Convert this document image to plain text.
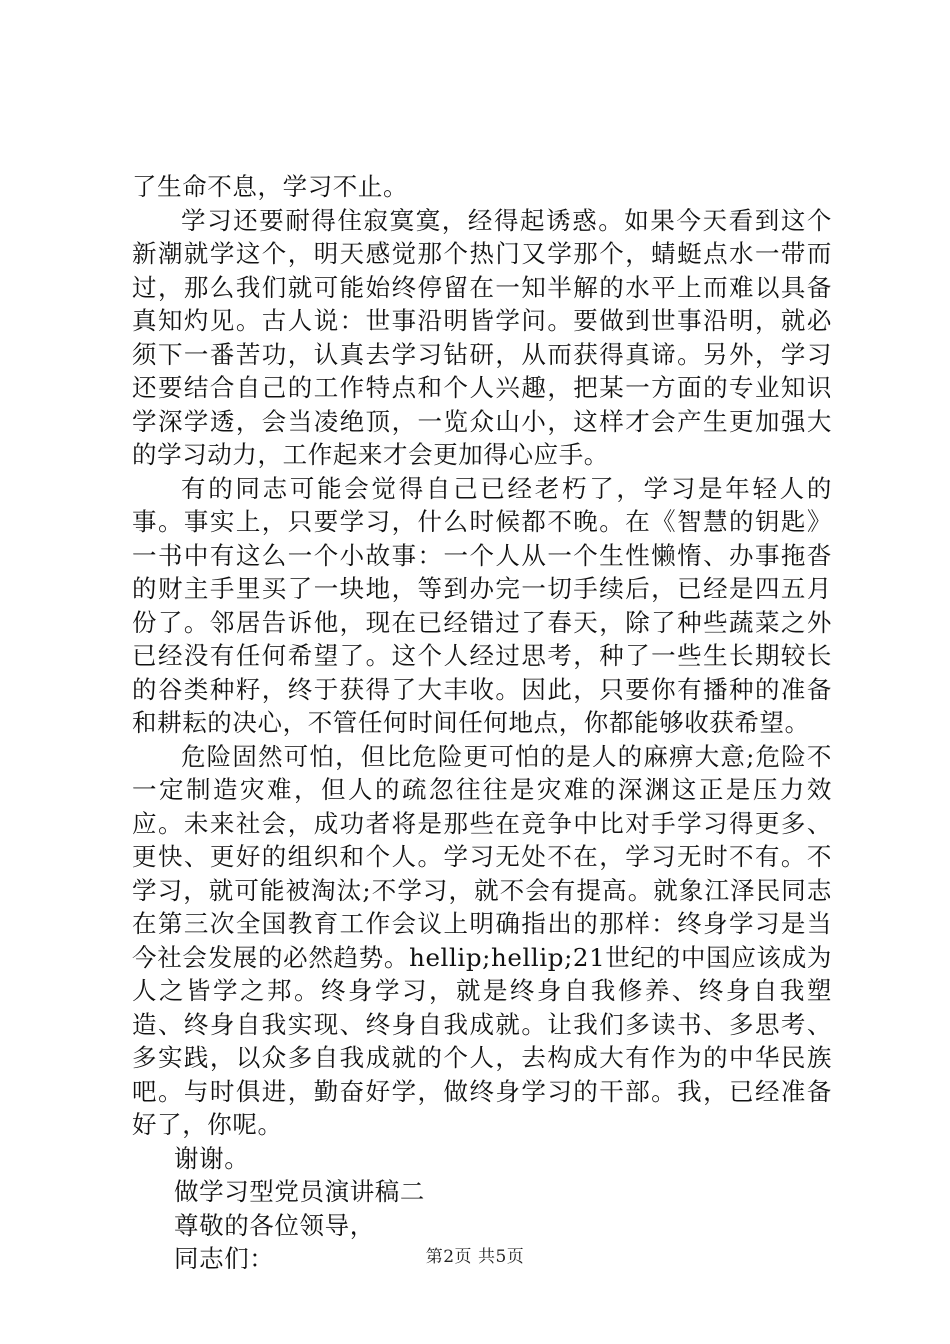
了生命不息，学习不止。

学习还要耐得住寂寞寞，经得起诱惑。如果今天看到这个新潮就学这个，明天感觉那个热门又学那个，蜻蜓点水一带而过，那么我们就可能始终停留在一知半解的水平上而难以具备真知灼见。古人说：世事沿明皆学问。要做到世事沿明，就必须下一番苦功，认真去学习钻研，从而获得真谛。另外，学习还要结合自己的工作特点和个人兴趣，把某一方面的专业知识学深学透，会当凌绝顶，一览众山小，这样才会产生更加强大的学习动力，工作起来才会更加得心应手。

有的同志可能会觉得自己已经老朽了，学习是年轻人的事。事实上，只要学习，什么时候都不晚。在《智慧的钥匙》一书中有这么一个小故事：一个人从一个生性懒惰、办事拖沓的财主手里买了一块地，等到办完一切手续后，已经是四五月份了。邻居告诉他，现在已经错过了春天，除了种些蔬菜之外已经没有任何希望了。这个人经过思考，种了一些生长期较长的谷类种籽，终于获得了大丰收。因此，只要你有播种的准备和耕耘的决心，不管任何时间任何地点，你都能够收获希望。

危险固然可怕，但比危险更可怕的是人的麻痹大意;危险不一定制造灾难，但人的疏忽往往是灾难的深渊这正是压力效应。未来社会，成功者将是那些在竞争中比对手学习得更多、更快、更好的组织和个人。学习无处不在，学习无时不有。不学习，就可能被淘汰;不学习，就不会有提高。就象江泽民同志在第三次全国教育工作会议上明确指出的那样：终身学习是当今社会发展的必然趋势。hellip;hellip;21世纪的中国应该成为人之皆学之邦。终身学习，就是终身自我修养、终身自我塑造、终身自我实现、终身自我成就。让我们多读书、多思考、多实践，以众多自我成就的个人，去构成大有作为的中华民族吧。与时俱进，勤奋好学，做终身学习的干部。我，已经准备好了，你呢。

谢谢。

做学习型党员演讲稿二

尊敬的各位领导，

同志们：	第2页 共5页
